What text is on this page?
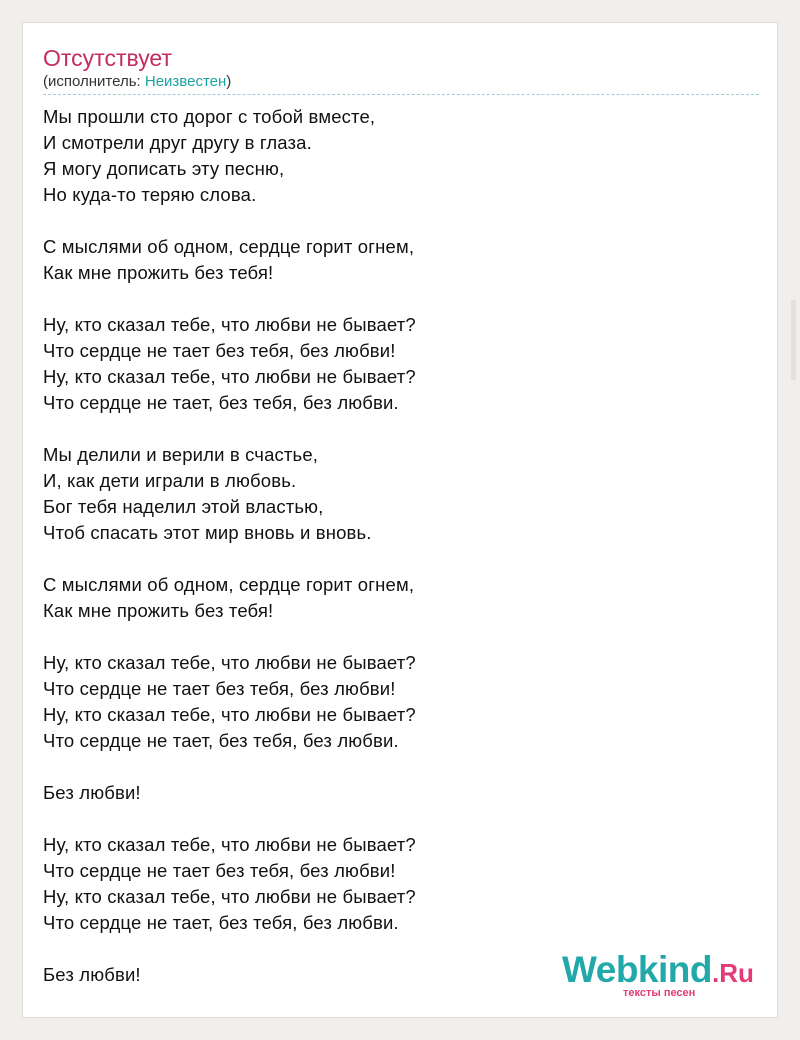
Отсутствует
(исполнитель: Неизвестен)
Мы прошли сто дорог с тобой вместе,
И смотрели друг другу в глаза.
Я могу дописать эту песню,
Но куда-то теряю слова.
С мыслями об одном, сердце горит огнем,
Как мне прожить без тебя!
Ну, кто сказал тебе, что любви не бывает?
Что сердце не тает без тебя, без любви!
Ну, кто сказал тебе, что любви не бывает?
Что сердце не тает, без тебя, без любви.
Мы делили и верили в счастье,
И, как дети играли в любовь.
Бог тебя наделил этой властью,
Чтоб спасать этот мир вновь и вновь.
С мыслями об одном, сердце горит огнем,
Как мне прожить без тебя!
Ну, кто сказал тебе, что любви не бывает?
Что сердце не тает без тебя, без любви!
Ну, кто сказал тебе, что любви не бывает?
Что сердце не тает, без тебя, без любви.
Без любви!
Ну, кто сказал тебе, что любви не бывает?
Что сердце не тает без тебя, без любви!
Ну, кто сказал тебе, что любви не бывает?
Что сердце не тает, без тебя, без любви.
Без любви!	Webkind.Ru
тексты песен
